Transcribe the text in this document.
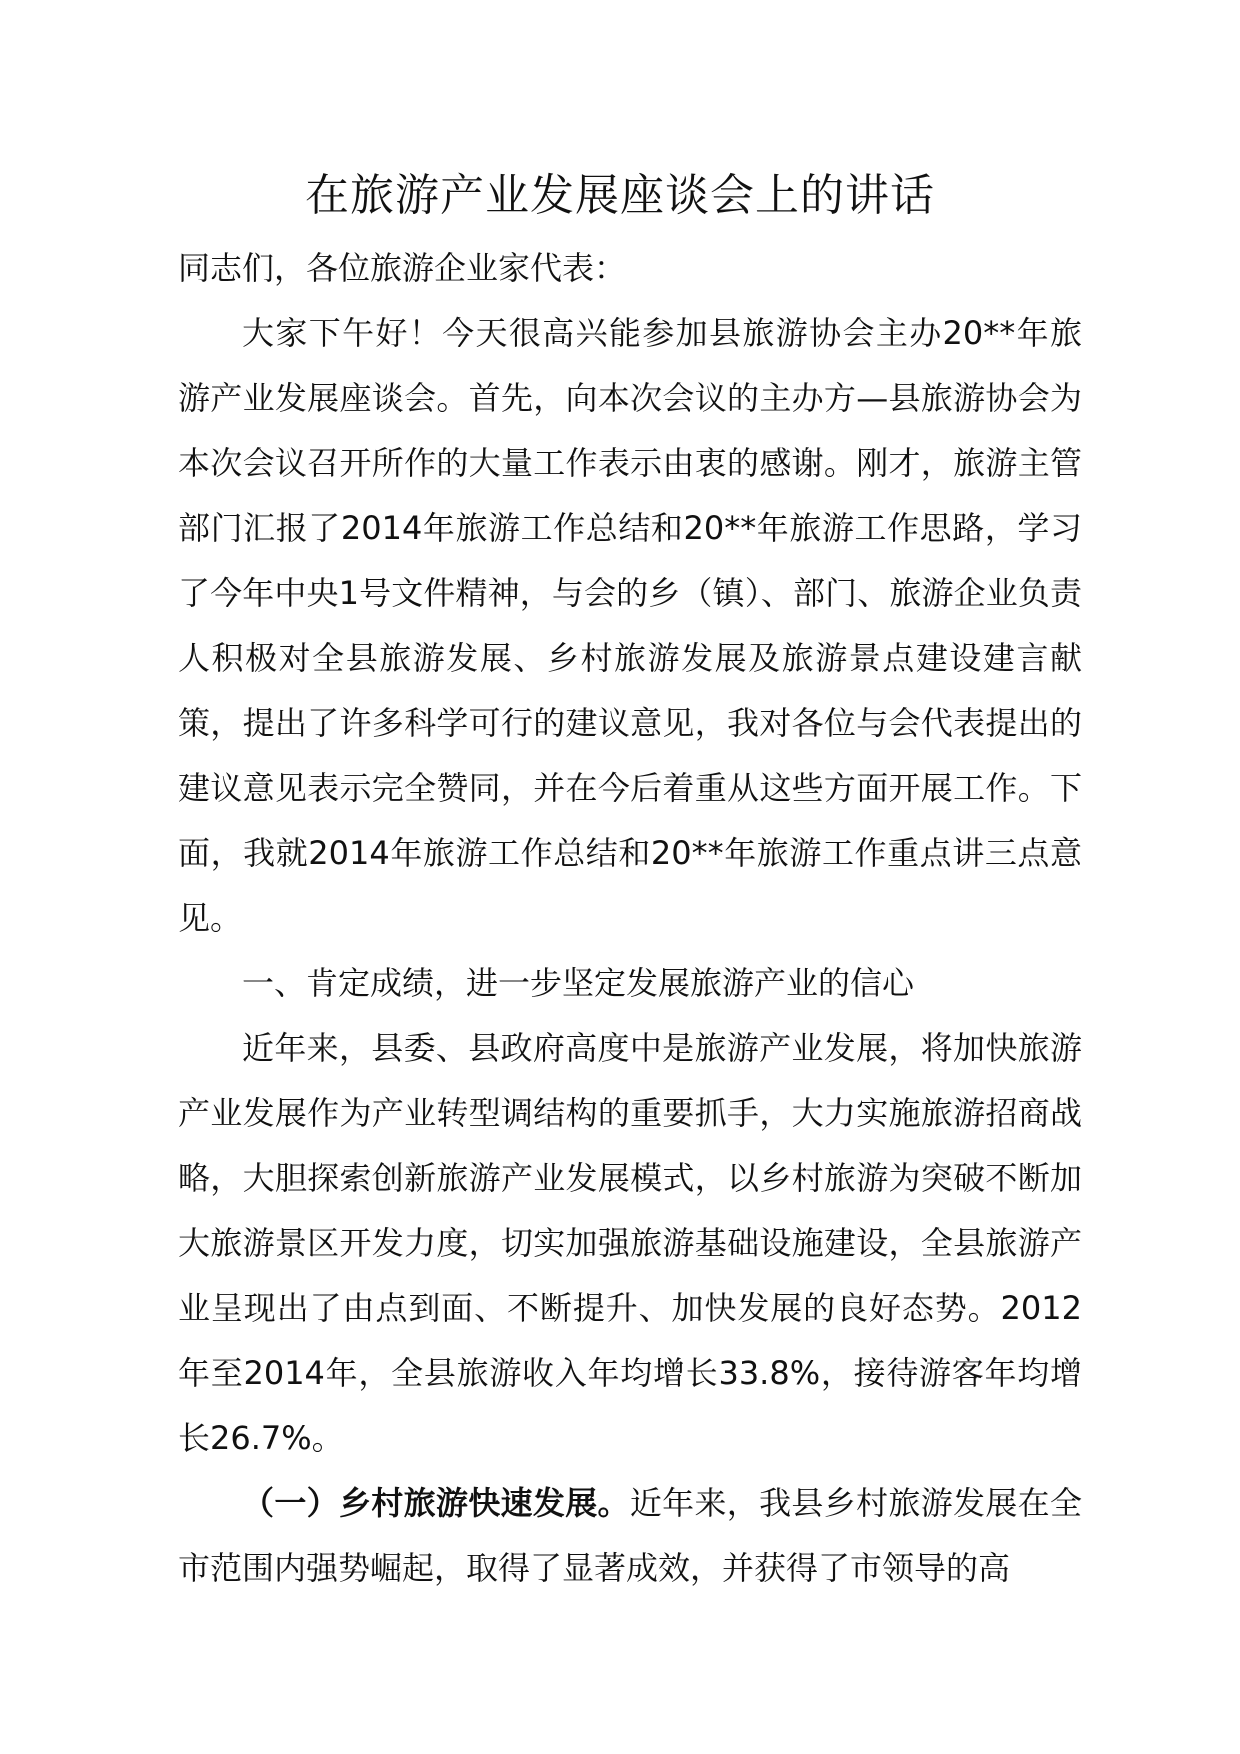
在旅游产业发展座谈会上的讲话

同志们，各位旅游企业家代表：

大家下午好！今天很高兴能参加县旅游协会主办20**年旅游产业发展座谈会。首先，向本次会议的主办方—县旅游协会为本次会议召开所作的大量工作表示由衷的感谢。刚才，旅游主管部门汇报了2014年旅游工作总结和20**年旅游工作思路，学习了今年中央1号文件精神，与会的乡（镇）、部门、旅游企业负责人积极对全县旅游发展、乡村旅游发展及旅游景点建设建言献策，提出了许多科学可行的建议意见，我对各位与会代表提出的建议意见表示完全赞同，并在今后着重从这些方面开展工作。下面，我就2014年旅游工作总结和20**年旅游工作重点讲三点意见。

一、肯定成绩，进一步坚定发展旅游产业的信心

近年来，县委、县政府高度中是旅游产业发展，将加快旅游产业发展作为产业转型调结构的重要抓手，大力实施旅游招商战略，大胆探索创新旅游产业发展模式，以乡村旅游为突破不断加大旅游景区开发力度，切实加强旅游基础设施建设，全县旅游产业呈现出了由点到面、不断提升、加快发展的良好态势。2012年至2014年，全县旅游收入年均增长33.8%，接待游客年均增长26.7%。

（一）乡村旅游快速发展。近年来，我县乡村旅游发展在全市范围内强势崛起，取得了显著成效，并获得了市领导的高
